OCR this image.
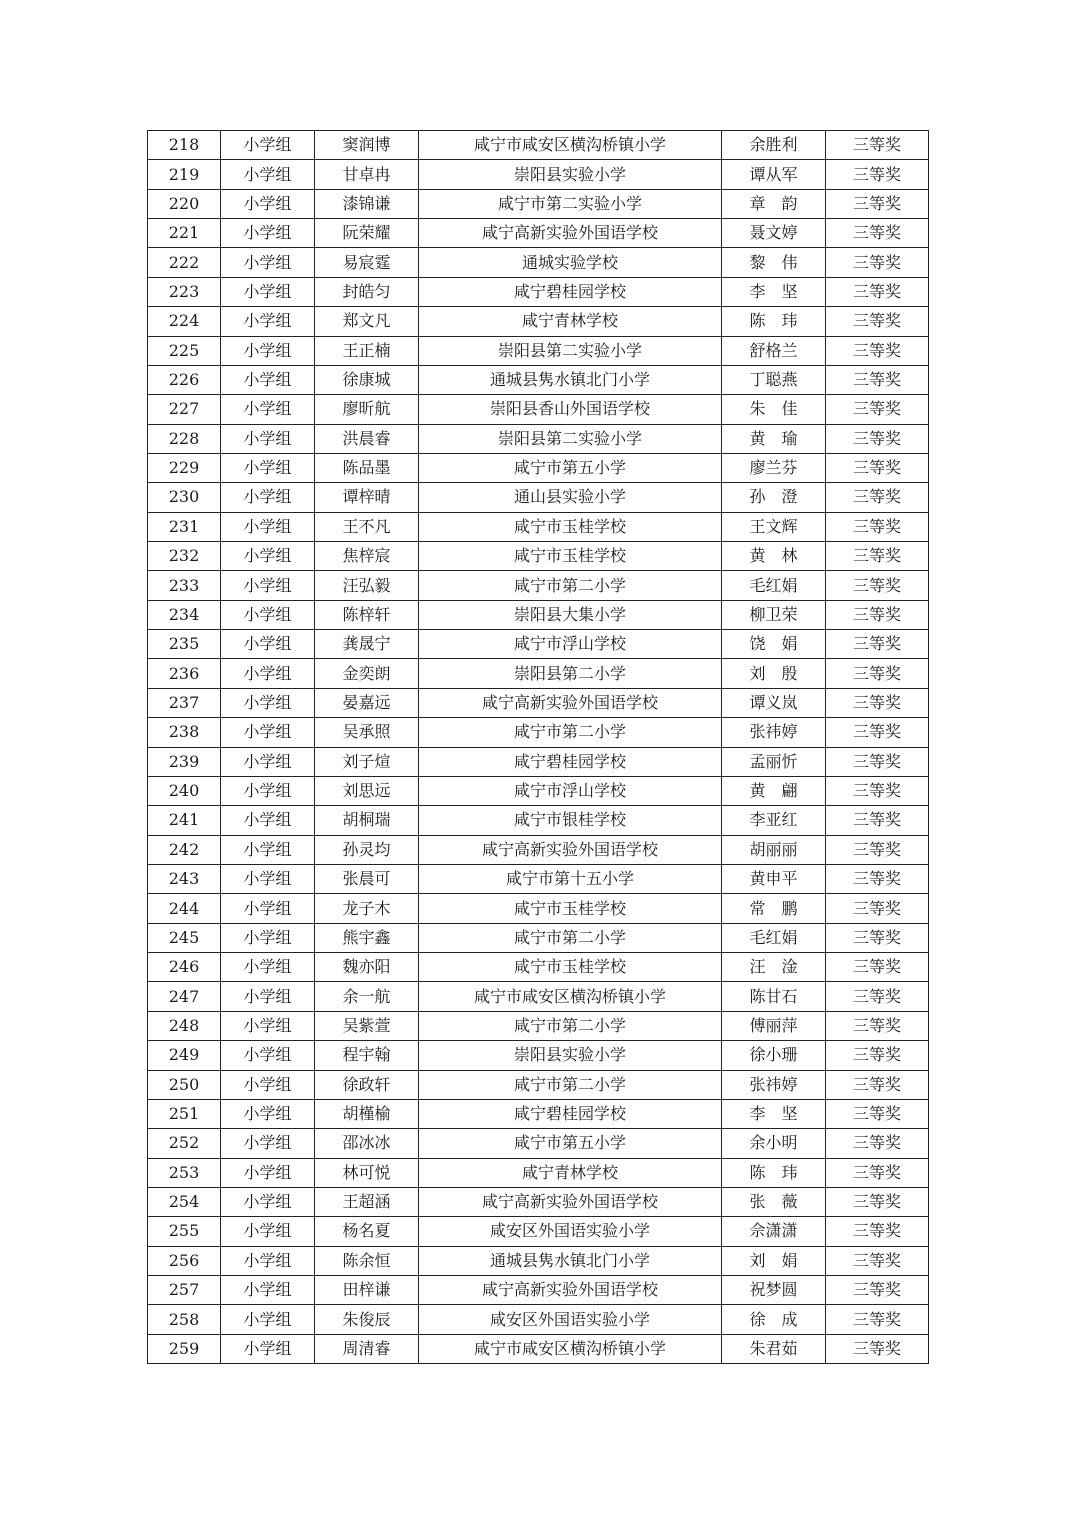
218	小学组	窦润博	咸宁市咸安区横沟桥镇小学	余胜利	三等奖
219	小学组	甘卓冉	崇阳县实验小学	谭从军	三等奖
220	小学组	漆锦谦	咸宁市第二实验小学	章　韵	三等奖
221	小学组	阮荣耀	咸宁高新实验外国语学校	聂文婷	三等奖
222	小学组	易宸霆	通城实验学校	黎　伟	三等奖
223	小学组	封皓匀	咸宁碧桂园学校	李　坚	三等奖
224	小学组	郑文凡	咸宁青林学校	陈　玮	三等奖
225	小学组	王正楠	崇阳县第二实验小学	舒格兰	三等奖
226	小学组	徐康城	通城县隽水镇北门小学	丁聪燕	三等奖
227	小学组	廖昕航	崇阳县香山外国语学校	朱　佳	三等奖
228	小学组	洪晨睿	崇阳县第二实验小学	黄　瑜	三等奖
229	小学组	陈品墨	咸宁市第五小学	廖兰芬	三等奖
230	小学组	谭梓晴	通山县实验小学	孙　澄	三等奖
231	小学组	王不凡	咸宁市玉桂学校	王文辉	三等奖
232	小学组	焦梓宸	咸宁市玉桂学校	黄　林	三等奖
233	小学组	汪弘毅	咸宁市第二小学	毛红娟	三等奖
234	小学组	陈梓轩	崇阳县大集小学	柳卫荣	三等奖
235	小学组	龚晟宁	咸宁市浮山学校	饶　娟	三等奖
236	小学组	金奕朗	崇阳县第二小学	刘　殷	三等奖
237	小学组	晏嘉远	咸宁高新实验外国语学校	谭义岚	三等奖
238	小学组	吴承照	咸宁市第二小学	张祎婷	三等奖
239	小学组	刘子煊	咸宁碧桂园学校	孟丽忻	三等奖
240	小学组	刘思远	咸宁市浮山学校	黄　翩	三等奖
241	小学组	胡桐瑞	咸宁市银桂学校	李亚红	三等奖
242	小学组	孙灵均	咸宁高新实验外国语学校	胡丽丽	三等奖
243	小学组	张晨可	咸宁市第十五小学	黄申平	三等奖
244	小学组	龙子木	咸宁市玉桂学校	常　鹏	三等奖
245	小学组	熊宇鑫	咸宁市第二小学	毛红娟	三等奖
246	小学组	魏亦阳	咸宁市玉桂学校	汪　淦	三等奖
247	小学组	余一航	咸宁市咸安区横沟桥镇小学	陈甘石	三等奖
248	小学组	吴紫萱	咸宁市第二小学	傅丽萍	三等奖
249	小学组	程宇翰	崇阳县实验小学	徐小珊	三等奖
250	小学组	徐政轩	咸宁市第二小学	张祎婷	三等奖
251	小学组	胡槿榆	咸宁碧桂园学校	李　坚	三等奖
252	小学组	邵冰冰	咸宁市第五小学	余小明	三等奖
253	小学组	林可悦	咸宁青林学校	陈　玮	三等奖
254	小学组	王超涵	咸宁高新实验外国语学校	张　薇	三等奖
255	小学组	杨名夏	咸安区外国语实验小学	佘潇潇	三等奖
256	小学组	陈余恒	通城县隽水镇北门小学	刘　娟	三等奖
257	小学组	田梓谦	咸宁高新实验外国语学校	祝梦圆	三等奖
258	小学组	朱俊辰	咸安区外国语实验小学	徐　成	三等奖
259	小学组	周清睿	咸宁市咸安区横沟桥镇小学	朱君茹	三等奖
